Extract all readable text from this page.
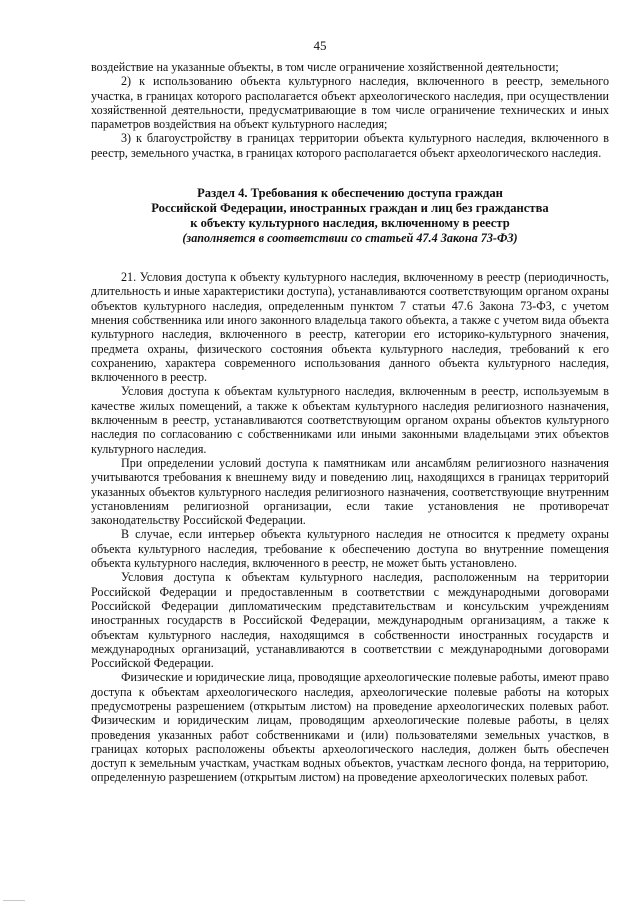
45

воздействие на указанные объекты, в том числе ограничение хозяйственной деятельности;

2) к использованию объекта культурного наследия, включенного в реестр, земельного участка, в границах которого располагается объект археологического наследия, при осуществлении хозяйственной деятельности, предусматривающие в том числе ограничение технических и иных параметров воздействия на объект культурного наследия;

3) к благоустройству в границах территории объекта культурного наследия, включенного в реестр, земельного участка, в границах которого располагается объект археологического наследия.

Раздел 4. Требования к обеспечению доступа граждан
Российской Федерации, иностранных граждан и лиц без гражданства
к объекту культурного наследия, включенному в реестр
(заполняется в соответствии со статьей 47.4 Закона 73-ФЗ)

21. Условия доступа к объекту культурного наследия, включенному в реестр (периодичность, длительность и иные характеристики доступа), устанавливаются соответствующим органом охраны объектов культурного наследия, определенным пунктом 7 статьи 47.6 Закона 73-ФЗ, с учетом мнения собственника или иного законного владельца такого объекта, а также с учетом вида объекта культурного наследия, включенного в реестр, категории его историко-культурного значения, предмета охраны, физического состояния объекта культурного наследия, требований к его сохранению, характера современного использования данного объекта культурного наследия, включенного в реестр.

Условия доступа к объектам культурного наследия, включенным в реестр, используемым в качестве жилых помещений, а также к объектам культурного наследия религиозного назначения, включенным в реестр, устанавливаются соответствующим органом охраны объектов культурного наследия по согласованию с собственниками или иными законными владельцами этих объектов культурного наследия.

При определении условий доступа к памятникам или ансамблям религиозного назначения учитываются требования к внешнему виду и поведению лиц, находящихся в границах территорий указанных объектов культурного наследия религиозного назначения, соответствующие внутренним установлениям религиозной организации, если такие установления не противоречат законодательству Российской Федерации.

В случае, если интерьер объекта культурного наследия не относится к предмету охраны объекта культурного наследия, требование к обеспечению доступа во внутренние помещения объекта культурного наследия, включенного в реестр, не может быть установлено.

Условия доступа к объектам культурного наследия, расположенным на территории Российской Федерации и предоставленным в соответствии с международными договорами Российской Федерации дипломатическим представительствам и консульским учреждениям иностранных государств в Российской Федерации, международным организациям, а также к объектам культурного наследия, находящимся в собственности иностранных государств и международных организаций, устанавливаются в соответствии с международными договорами Российской Федерации.

Физические и юридические лица, проводящие археологические полевые работы, имеют право доступа к объектам археологического наследия, археологические полевые работы на которых предусмотрены разрешением (открытым листом) на проведение археологических полевых работ. Физическим и юридическим лицам, проводящим археологические полевые работы, в целях проведения указанных работ собственниками и (или) пользователями земельных участков, в границах которых расположены объекты археологического наследия, должен быть обеспечен доступ к земельным участкам, участкам водных объектов, участкам лесного фонда, на территорию, определенную разрешением (открытым листом) на проведение археологических полевых работ.
